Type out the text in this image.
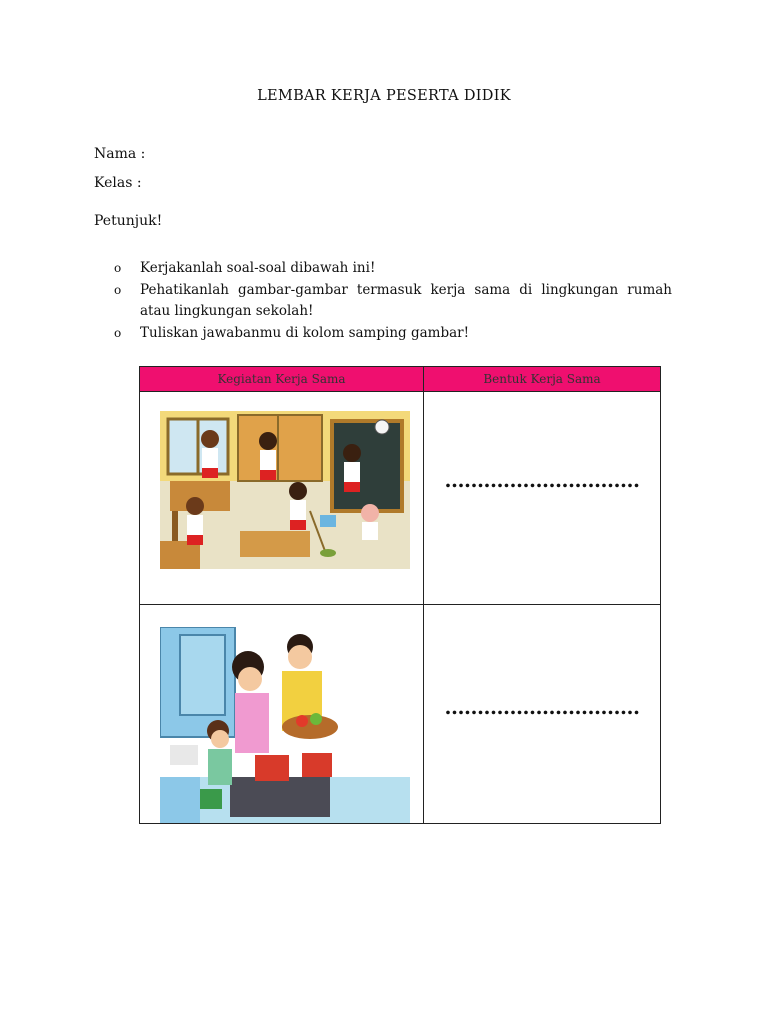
LEMBAR KERJA PESERTA DIDIK
Nama :
Kelas :
Petunjuk!
o Kerjakanlah soal-soal dibawah ini!
o Pehatikanlah gambar-gambar termasuk kerja sama di lingkungan rumah atau lingkungan sekolah!
o Tuliskan jawabanmu di kolom samping gambar!
Kegiatan Kerja Sama	Bentuk Kerja Sama

…………………………

…………………………
